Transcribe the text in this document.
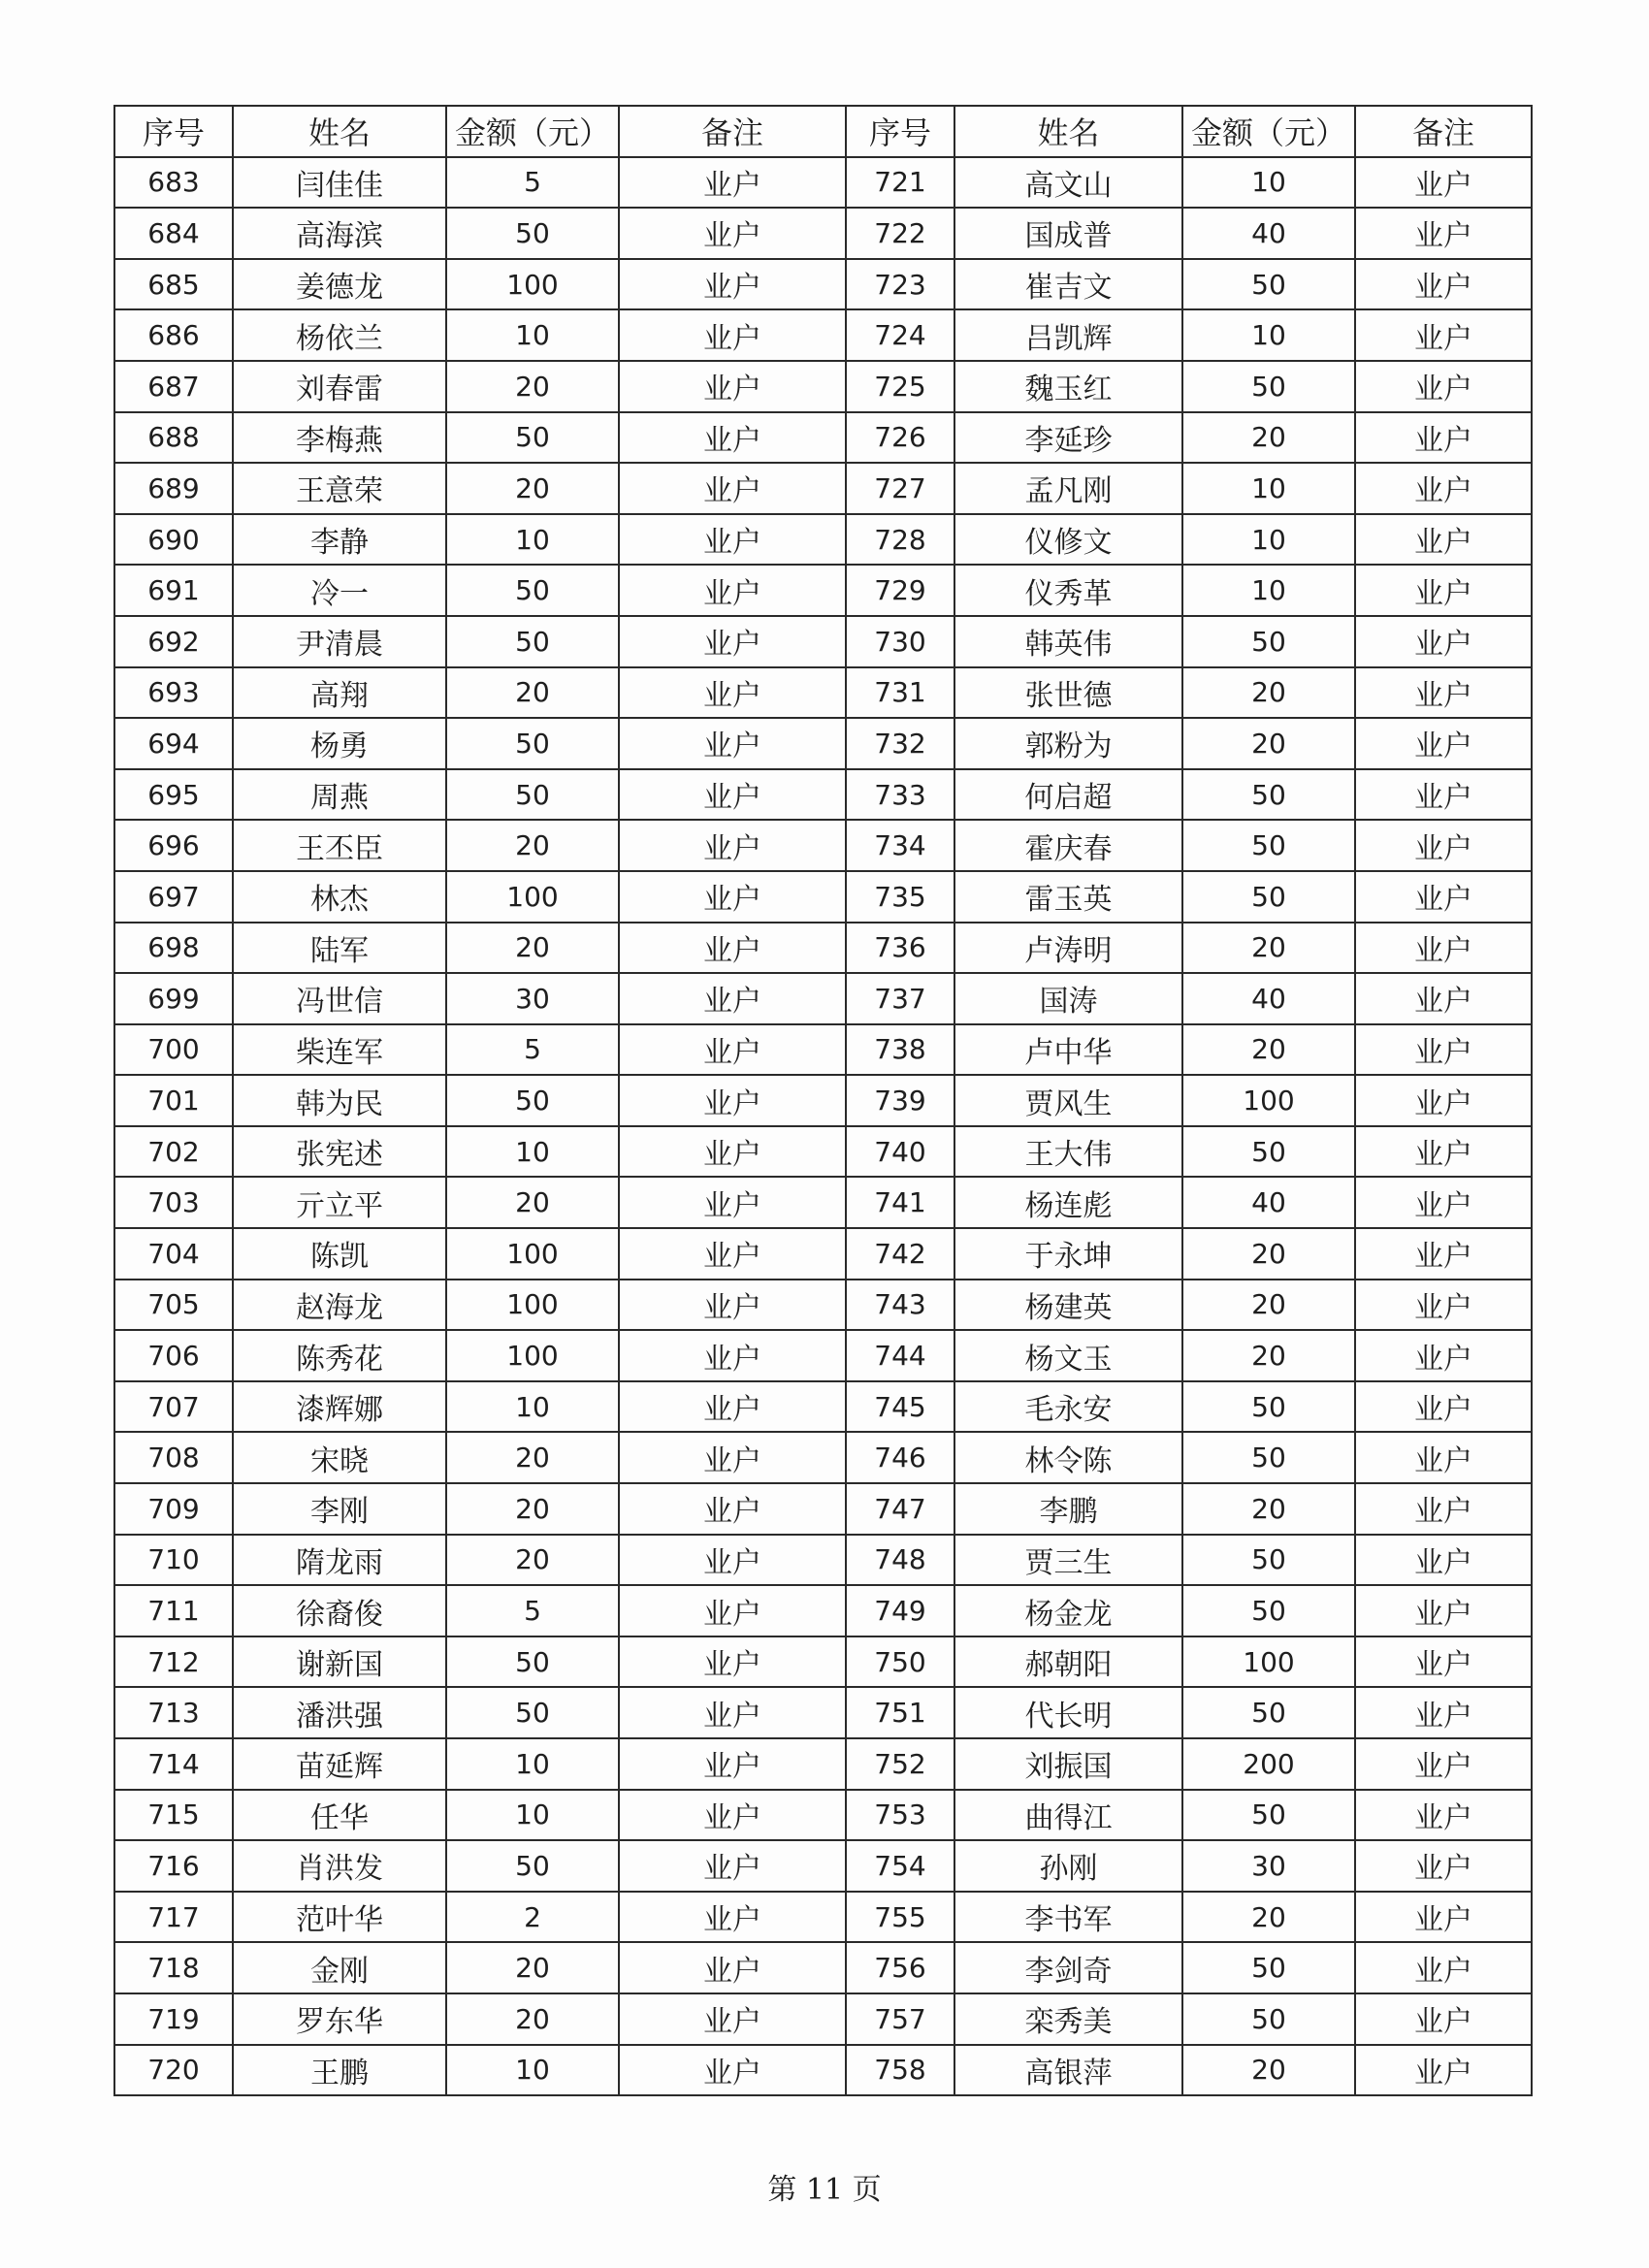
序号	姓名	金额（元）	备注	序号	姓名	金额（元）	备注
683	闫佳佳	5	业户	721	高文山	10	业户
684	高海滨	50	业户	722	国成普	40	业户
685	姜德龙	100	业户	723	崔吉文	50	业户
686	杨依兰	10	业户	724	吕凯辉	10	业户
687	刘春雷	20	业户	725	魏玉红	50	业户
688	李梅燕	50	业户	726	李延珍	20	业户
689	王意荣	20	业户	727	孟凡刚	10	业户
690	李静	10	业户	728	仪修文	10	业户
691	冷一	50	业户	729	仪秀革	10	业户
692	尹清晨	50	业户	730	韩英伟	50	业户
693	高翔	20	业户	731	张世德	20	业户
694	杨勇	50	业户	732	郭粉为	20	业户
695	周燕	50	业户	733	何启超	50	业户
696	王丕臣	20	业户	734	霍庆春	50	业户
697	林杰	100	业户	735	雷玉英	50	业户
698	陆军	20	业户	736	卢涛明	20	业户
699	冯世信	30	业户	737	国涛	40	业户
700	柴连军	5	业户	738	卢中华	20	业户
701	韩为民	50	业户	739	贾风生	100	业户
702	张宪述	10	业户	740	王大伟	50	业户
703	亓立平	20	业户	741	杨连彪	40	业户
704	陈凯	100	业户	742	于永坤	20	业户
705	赵海龙	100	业户	743	杨建英	20	业户
706	陈秀花	100	业户	744	杨文玉	20	业户
707	漆辉娜	10	业户	745	毛永安	50	业户
708	宋晓	20	业户	746	林令陈	50	业户
709	李刚	20	业户	747	李鹏	20	业户
710	隋龙雨	20	业户	748	贾三生	50	业户
711	徐裔俊	5	业户	749	杨金龙	50	业户
712	谢新国	50	业户	750	郝朝阳	100	业户
713	潘洪强	50	业户	751	代长明	50	业户
714	苗延辉	10	业户	752	刘振国	200	业户
715	任华	10	业户	753	曲得江	50	业户
716	肖洪发	50	业户	754	孙刚	30	业户
717	范叶华	2	业户	755	李书军	20	业户
718	金刚	20	业户	756	李剑奇	50	业户
719	罗东华	20	业户	757	栾秀美	50	业户
720	王鹏	10	业户	758	高银萍	20	业户
第 11 页
